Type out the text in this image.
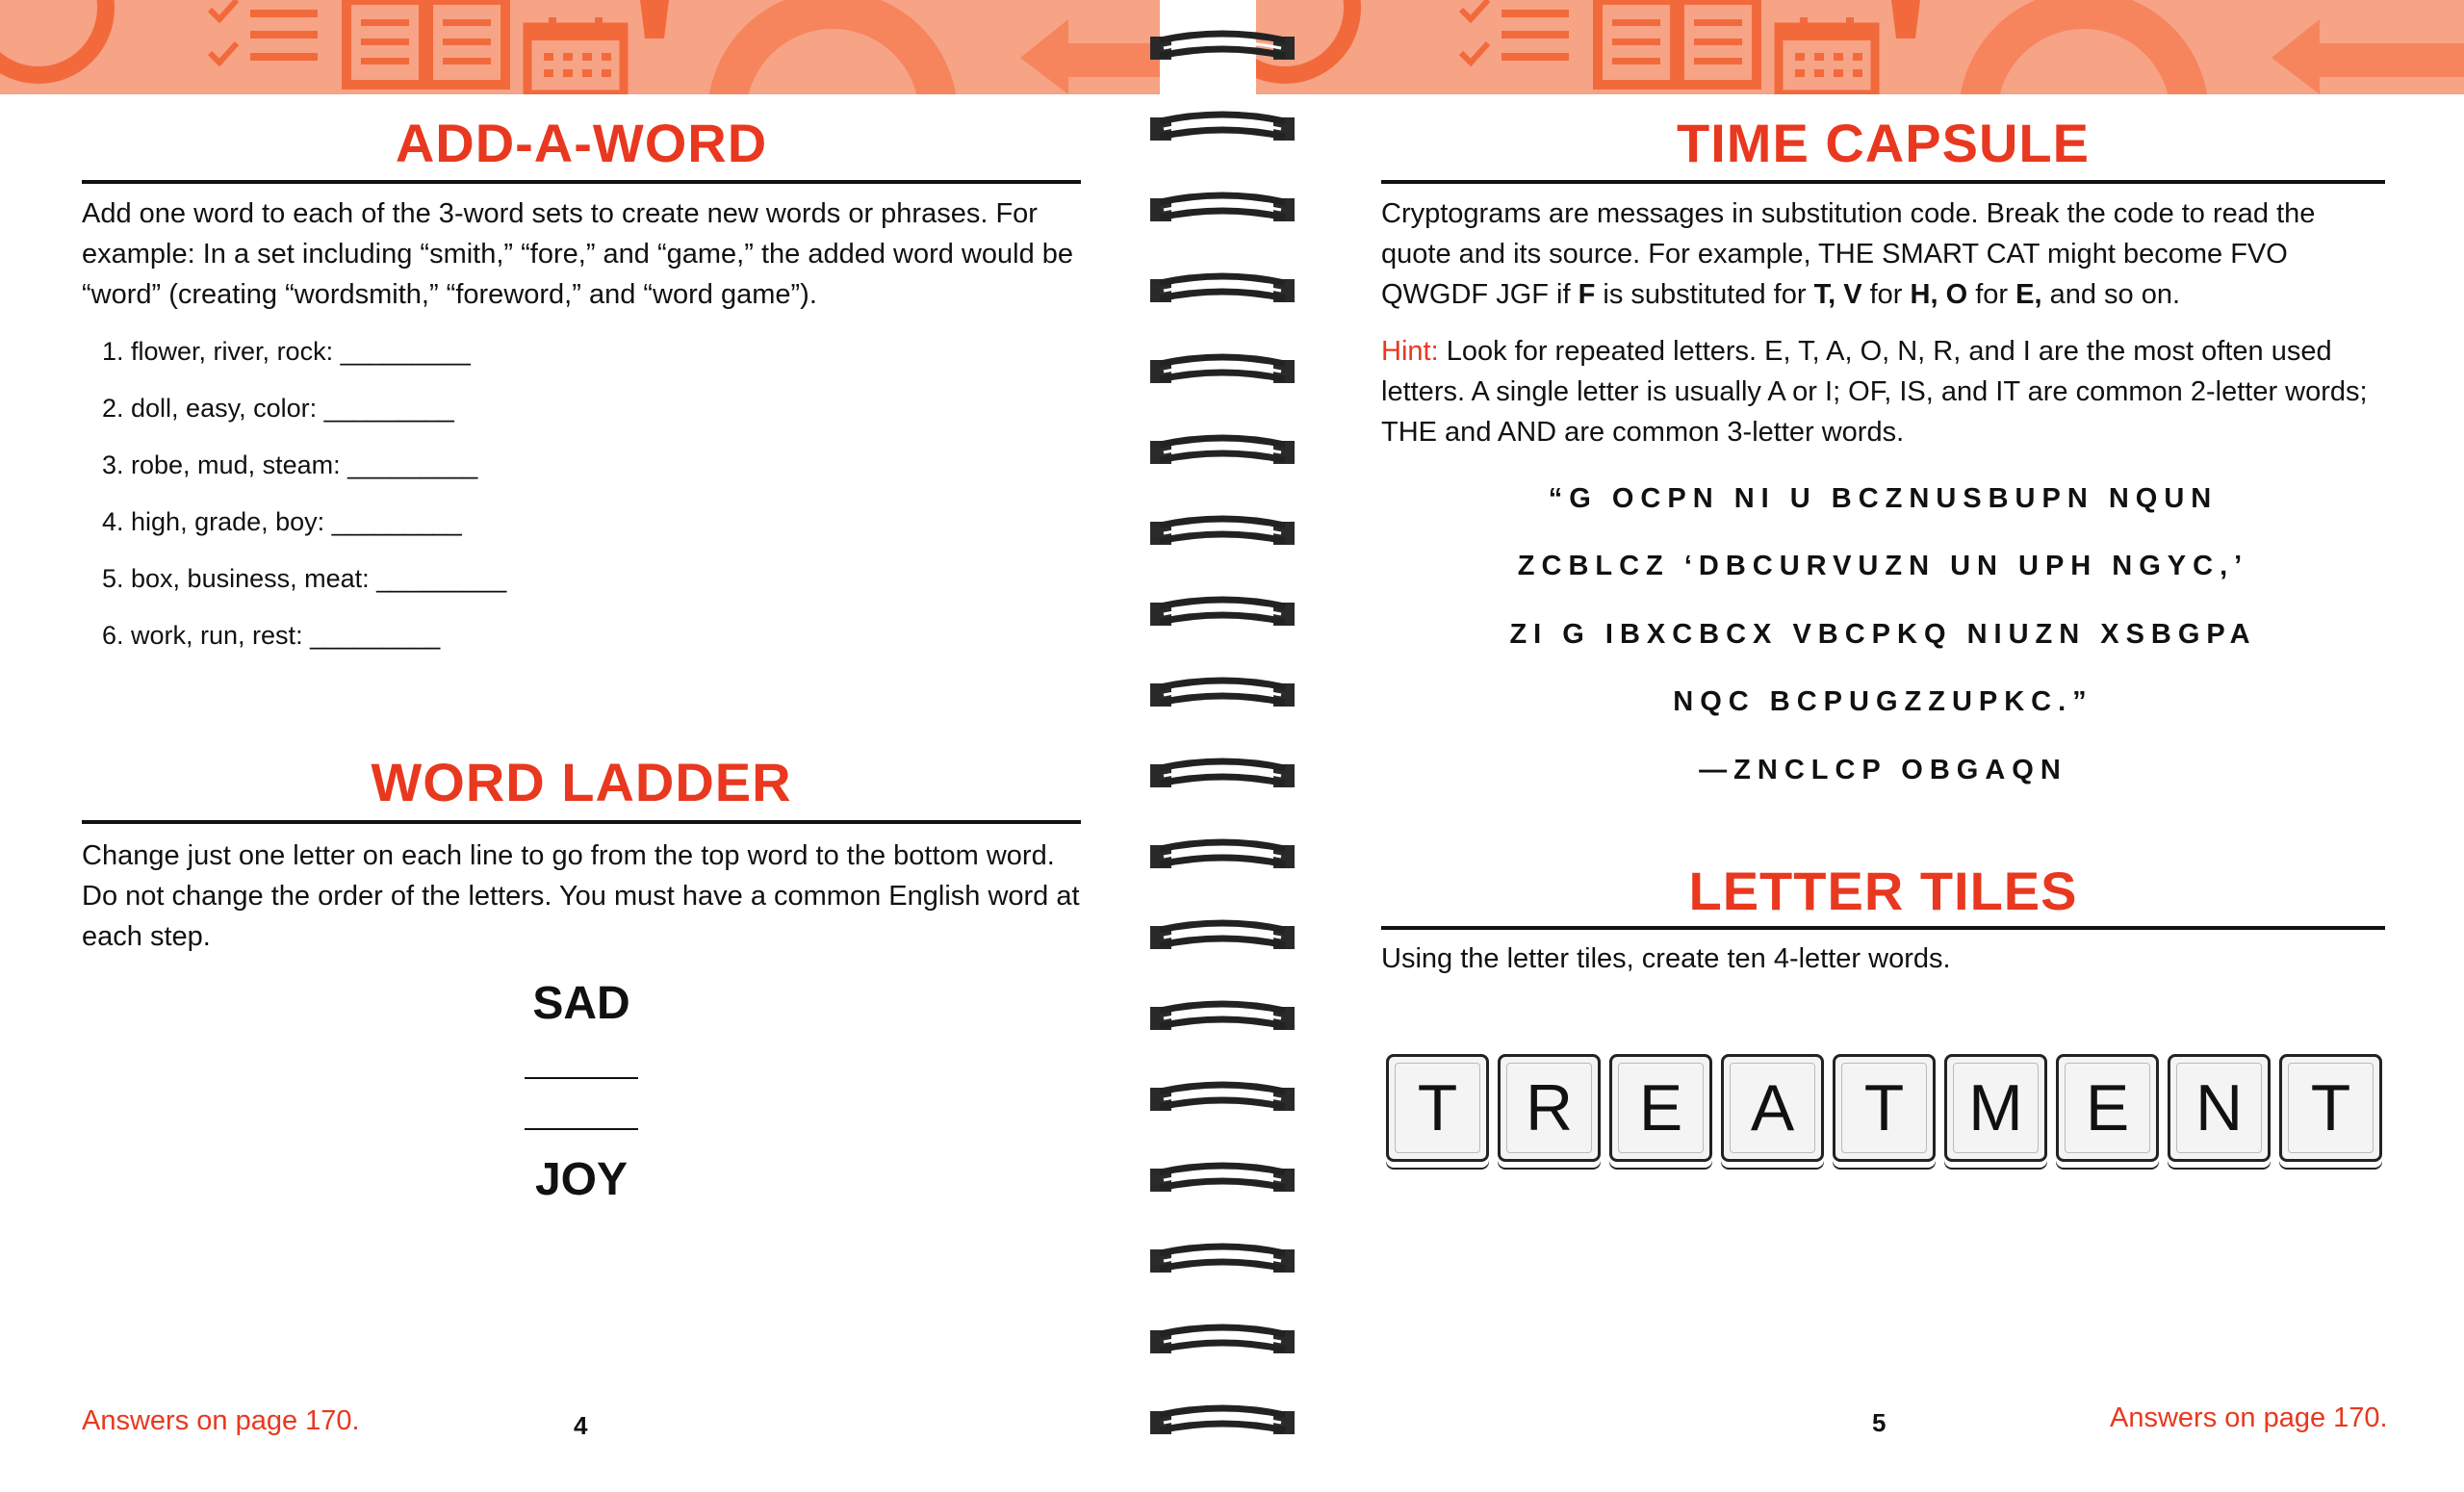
ADD-A-WORD
Add one word to each of the 3-word sets to create new words or phrases. For example: In a set including “smith,” “fore,” and “game,” the added word would be “word” (creating “wordsmith,” “foreword,” and “word game”).
1. flower, river, rock: _________
2. doll, easy, color: _________
3. robe, mud, steam: _________
4. high, grade, boy: _________
5. box, business, meat: _________
6. work, run, rest: _________
WORD LADDER
Change just one letter on each line to go from the top word to the bottom word. Do not change the order of the letters. You must have a common English word at each step.
SAD
JOY
Answers on page 170.	4
TIME CAPSULE
Cryptograms are messages in substitution code. Break the code to read the quote and its source. For example, THE SMART CAT might become FVO QWGDF JGF if F is substituted for T, V for H, O for E, and so on.
Hint: Look for repeated letters. E, T, A, O, N, R, and I are the most often used letters. A single letter is usually A or I; OF, IS, and IT are common 2-letter words; THE and AND are common 3-letter words.
“G OCPN NI U BCZNUSBUPN NQUN
ZCBLCZ ‘DBCURVUZN UN UPH NGYC,’
ZI G IBXCBCX VBCPKQ NIUZN XSBGPA
NQC BCPUGZZUPKC.”
—ZNCLCP OBGAQN
LETTER TILES
Using the letter tiles, create ten 4-letter words.
T	R	E	A	T M E	N	T
5	Answers on page 170.
